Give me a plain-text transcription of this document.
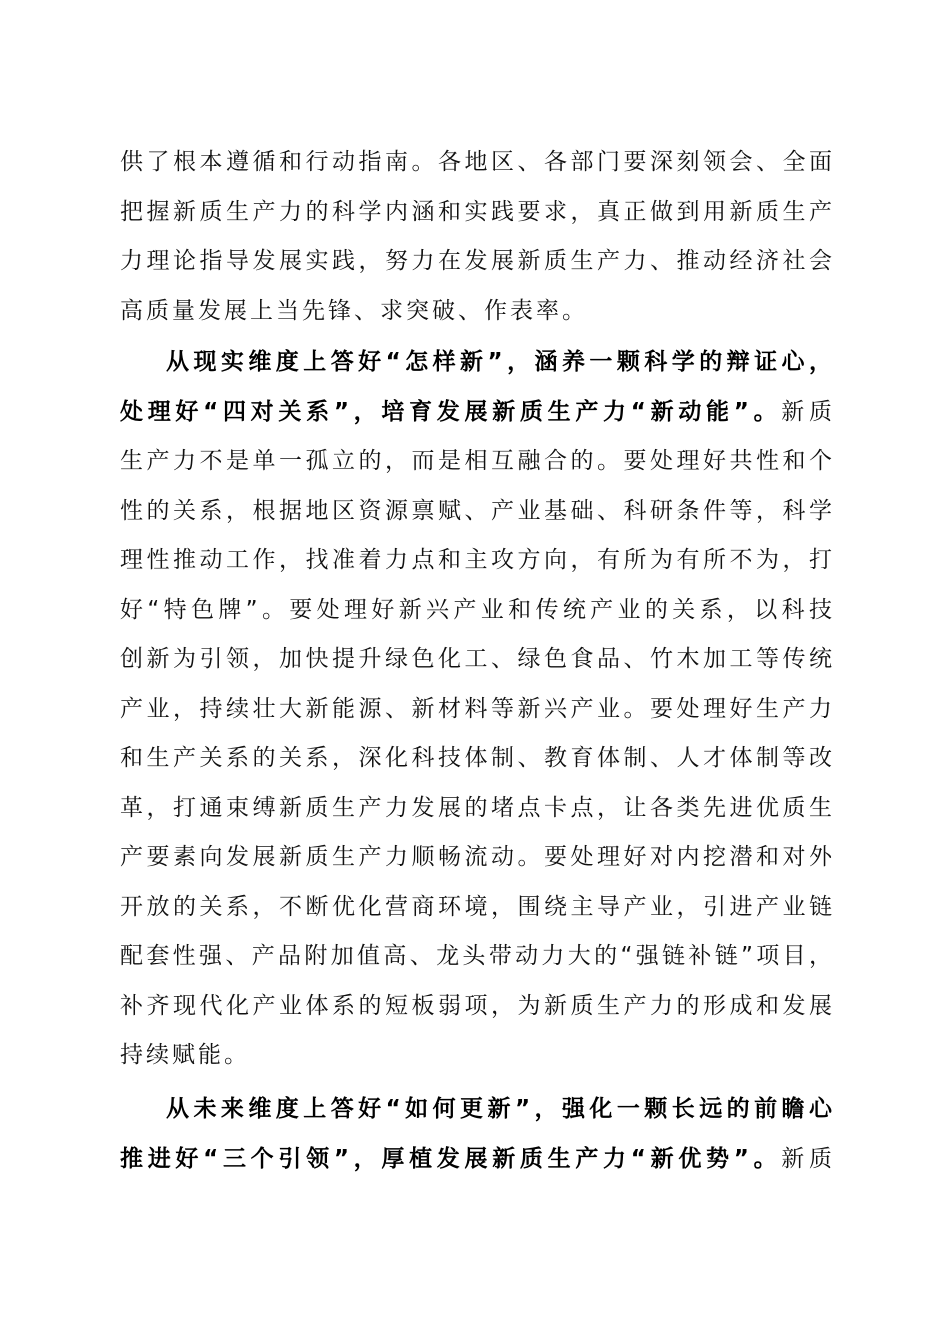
供了根本遵循和行动指南。各地区、各部门要深刻领会、全面
把握新质生产力的科学内涵和实践要求，真正做到用新质生产
力理论指导发展实践，努力在发展新质生产力、推动经济社会
高质量发展上当先锋、求突破、作表率。
从现实维度上答好“怎样新”，涵养一颗科学的辩证心，
处理好“四对关系”，培育发展新质生产力“新动能”。新质
生产力不是单一孤立的，而是相互融合的。要处理好共性和个
性的关系，根据地区资源禀赋、产业基础、科研条件等，科学
理性推动工作，找准着力点和主攻方向，有所为有所不为，打
好“特色牌”。要处理好新兴产业和传统产业的关系，以科技
创新为引领，加快提升绿色化工、绿色食品、竹木加工等传统
产业，持续壮大新能源、新材料等新兴产业。要处理好生产力
和生产关系的关系，深化科技体制、教育体制、人才体制等改
革，打通束缚新质生产力发展的堵点卡点，让各类先进优质生
产要素向发展新质生产力顺畅流动。要处理好对内挖潜和对外
开放的关系，不断优化营商环境，围绕主导产业，引进产业链
配套性强、产品附加值高、龙头带动力大的“强链补链”项目，
补齐现代化产业体系的短板弱项，为新质生产力的形成和发展
持续赋能。
从未来维度上答好“如何更新”，强化一颗长远的前瞻心
推进好“三个引领”，厚植发展新质生产力“新优势”。新质
